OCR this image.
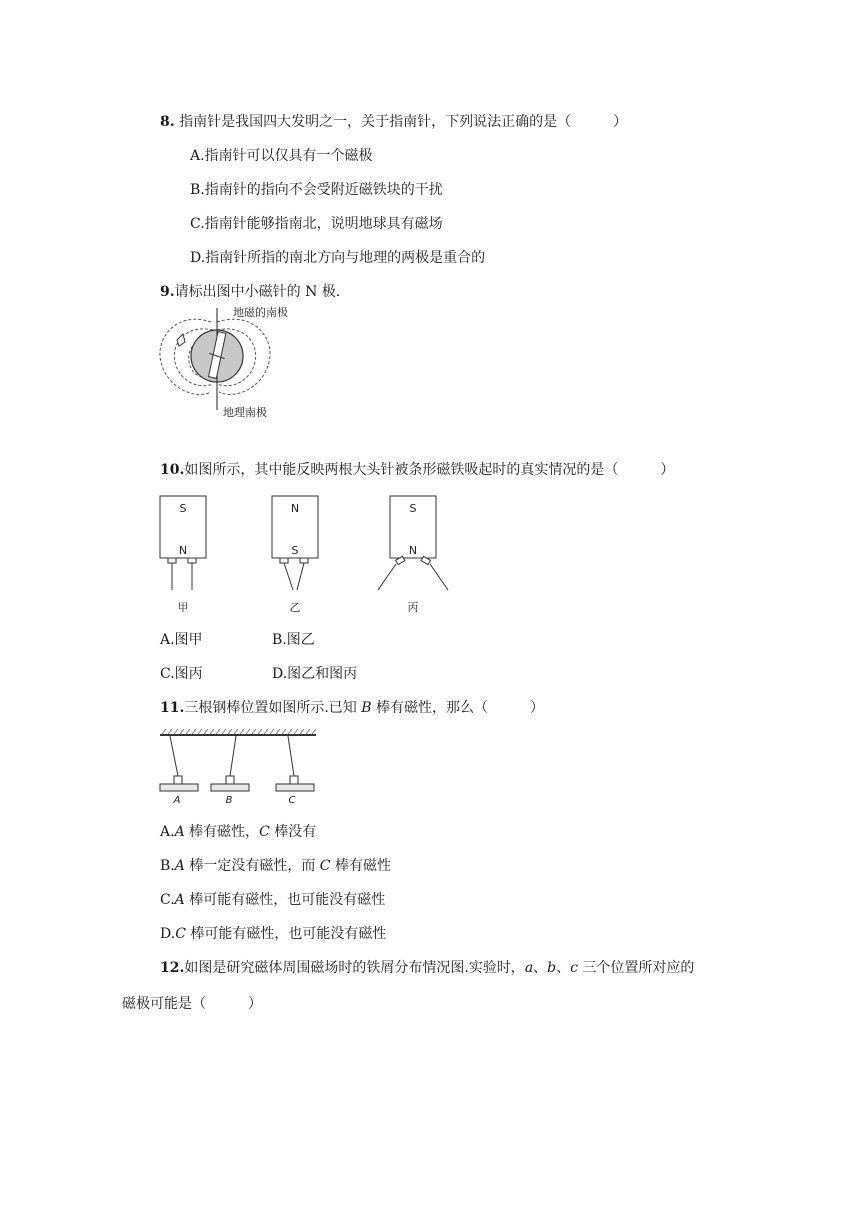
8. 指南针是我国四大发明之一，关于指南针，下列说法正确的是（　　　）
A.指南针可以仅具有一个磁极
B.指南针的指向不会受附近磁铁块的干扰
C.指南针能够指南北，说明地球具有磁场
D.指南针所指的南北方向与地理的两极是重合的
9.请标出图中小磁针的 N 极.
地磁的南极
地理南极
10.如图所示，其中能反映两根大头针被条形磁铁吸起时的真实情况的是（　　　）
S
N
甲
N
S
乙
S
N
丙
A.图甲	B.图乙
C.图丙	D.图乙和图丙
11.三根钢棒位置如图所示.已知 B 棒有磁性，那么（　　　）
A	B	C
A.A 棒有磁性，C 棒没有
B.A 棒一定没有磁性，而 C 棒有磁性
C.A 棒可能有磁性，也可能没有磁性
D.C 棒可能有磁性，也可能没有磁性
12.如图是研究磁体周围磁场时的铁屑分布情况图.实验时，a、b、c 三个位置所对应的
磁极可能是（　　　）
